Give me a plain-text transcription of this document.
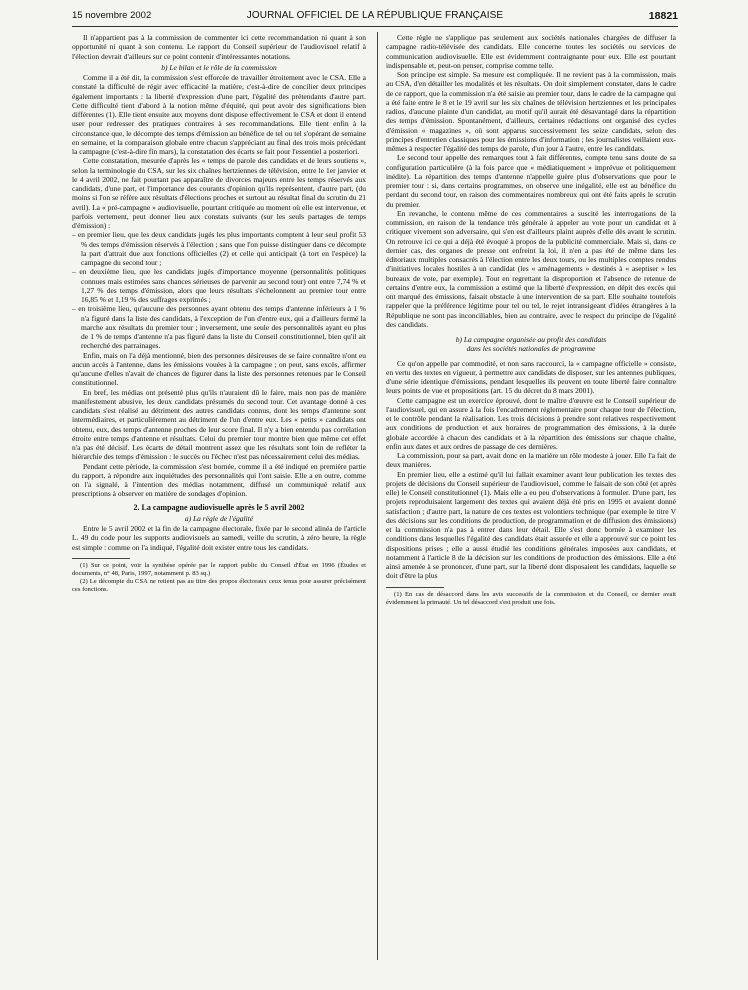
15 novembre 2002	JOURNAL OFFICIEL DE LA RÉPUBLIQUE FRANÇAISE	18821

Il n'appartient pas à la commission de commenter ici cette recommandation ni quant à son opportunité ni quant à son contenu. Le rapport du Conseil supérieur de l'audiovisuel relatif à l'élection devrait d'ailleurs sur ce point contenir d'intéressantes notations.

b) Le bilan et le rôle de la commission

Comme il a été dit, la commission s'est efforcée de travailler étroitement avec le CSA. Elle a constaté la difficulté de régir avec efficacité la matière, c'est-à-dire de concilier deux principes également importants : la liberté d'expression d'une part, l'égalité des prétendants d'autre part. Cette difficulté tient d'abord à la notion même d'équité, qui peut avoir des significations bien différentes (1). Elle tient ensuite aux moyens dont dispose effectivement le CSA et dont il entend user pour redresser des pratiques contraires à ses recommandations. Elle tient enfin à la circonstance que, le décompte des temps d'émission au bénéfice de tel ou tel s'opérant de semaine en semaine, et la comparaison globale entre chacun s'appréciant au final des trois mois précédant la campagne (c'est-à-dire fin mars), la constatation des écarts se fait pour l'essentiel a posteriori.

Cette constatation, mesurée d'après les « temps de parole des candidats et de leurs soutiens », selon la terminologie du CSA, sur les six chaînes hertziennes de télévision, entre le 1er janvier et le 4 avril 2002, ne fait pourtant pas apparaître de divorces majeurs entre les temps réservés aux candidats, d'une part, et l'importance des courants d'opinion qu'ils représentent, d'autre part, (du moins si l'on se réfère aux résultats d'élections proches et surtout au résultat final du scrutin du 21 avril). La « pré-campagne » audiovisuelle, pourtant critiquée au moment où elle est intervenue, et parfois vertement, peut donner lieu aux constats suivants (sur les seuls partages de temps d'émission) :

– en premier lieu, que les deux candidats jugés les plus importants comptent à leur seul profit 53 % des temps d'émission réservés à l'élection ; sans que l'on puisse distinguer dans ce décompte la part d'attrait due aux fonctions officielles (2) et celle qui anticipait (à tort en l'espèce) la campagne du second tour ;
– en deuxième lieu, que les candidats jugés d'importance moyenne (personnalités politiques connues mais estimées sans chances sérieuses de parvenir au second tour) ont entre 7,74 % et 1,27 % des temps d'émission, alors que leurs résultats s'échelonnent au premier tour entre 16,85 % et 1,19 % des suffrages exprimés ;
– en troisième lieu, qu'aucune des personnes ayant obtenu des temps d'antenne inférieurs à 1 % n'a figuré dans la liste des candidats, à l'exception de l'un d'entre eux, qui a d'ailleurs fermé la marche aux résultats du premier tour ; inversement, une seule des personnalités ayant eu plus de 1 % de temps d'antenne n'a pas figuré dans la liste du Conseil constitutionnel, bien qu'il ait recherché des parrainages.

Enfin, mais on l'a déjà mentionné, bien des personnes désireuses de se faire connaître n'ont eu aucun accès à l'antenne, dans les émissions vouées à la campagne ; on peut, sans excès, affirmer qu'aucune d'elles n'avait de chances de figurer dans la liste des personnes retenues par le Conseil constitutionnel.

En bref, les médias ont présenté plus qu'ils n'auraient dû le faire, mais non pas de manière manifestement abusive, les deux candidats présumés du second tour. Cet avantage donné à ces candidats s'est réalisé au détriment des autres candidats connus, dont les temps d'antenne sont intermédiaires, et particulièrement au détriment de l'un d'entre eux. Les « petits » candidats ont obtenu, eux, des temps d'antenne proches de leur score final. Il n'y a bien entendu pas corrélation étroite entre temps d'antenne et résultats. Celui du premier tour montre bien que même cet effet n'a pas été décisif. Les écarts de détail montrent assez que les résultats sont loin de refléter la hiérarchie des temps d'émission : le succès ou l'échec n'est pas nécessairement celui des médias.

Pendant cette période, la commission s'est bornée, comme il a été indiqué en première partie du rapport, à répondre aux inquiétudes des personnalités qui l'ont saisie. Elle a en outre, comme on l'a signalé, à l'intention des médias notamment, diffusé un communiqué relatif aux prescriptions à observer en matière de sondages d'opinion.

2. La campagne audiovisuelle après le 5 avril 2002

a) La règle de l'égalité

Entre le 5 avril 2002 et la fin de la campagne électorale, fixée par le second alinéa de l'article L. 49 du code pour les supports audiovisuels au samedi, veille du scrutin, à zéro heure, la règle est simple : comme on l'a indiqué, l'égalité doit exister entre tous les candidats.

(1) Sur ce point, voir la synthèse opérée par le rapport public du Conseil d'État en 1996 (Études et documents, n° 48, Paris, 1997, notamment p. 83 sq.)

(2) Le décompte du CSA ne retient pas au titre des propos électoraux ceux tenus pour assurer précisément ces fonctions.

Cette règle ne s'applique pas seulement aux sociétés nationales chargées de diffuser la campagne radio-télévisée des candidats. Elle concerne toutes les sociétés ou services de communication audiovisuelle. Elle est évidemment contraignante pour eux. Elle est pourtant indispensable et, peut-on penser, comprise comme telle.

Son principe est simple. Sa mesure est compliquée. Il ne revient pas à la commission, mais au CSA, d'en détailler les modalités et les résultats. On doit simplement constater, dans le cadre de ce rapport, que la commission n'a été saisie au premier tour, dans le cadre de la campagne qui a été faite entre le 8 et le 19 avril sur les six chaînes de télévision hertziennes et les principales radios, d'aucune plainte d'un candidat, au motif qu'il aurait été désavantagé dans la répartition des temps d'émission. Spontanément, d'ailleurs, certaines rédactions ont organisé des cycles d'émission « magazines », où sont apparus successivement les seize candidats, selon des principes d'entretien classiques pour les émissions d'information ; les journalistes veillaient eux-mêmes à respecter l'égalité des temps de parole, d'un jour à l'autre, entre les candidats.

Le second tour appelle des remarques tout à fait différentes, compte tenu sans doute de sa configuration particulière (à la fois parce que « médiatiquement » imprévue et politiquement inédite). La répartition des temps d'antenne n'appelle guère plus d'observations que pour le premier tour : si, dans certains programmes, on observe une inégalité, elle est au bénéfice du perdant du second tour, en raison des commentaires nombreux qui ont été faits après le scrutin du premier.

En revanche, le contenu même de ces commentaires a suscité les interrogations de la commission, en raison de la tendance très générale à appeler au vote pour un candidat et à critiquer vivement son adversaire, qui s'en est d'ailleurs plaint auprès d'elle dès avant le scrutin. On retrouve ici ce qui a déjà été évoqué à propos de la publicité commerciale. Mais si, dans ce dernier cas, des organes de presse ont enfreint la loi, il n'en a pas été de même dans les éditoriaux multiples consacrés à l'élection entre les deux tours, ou les multiples comptes rendus d'initiatives locales hostiles à un candidat (les « aménagements » destinés à « aseptiser » les bureaux de vote, par exemple). Tout en regrettant la disproportion et l'absence de retenue de certains d'entre eux, la commission a estimé que la liberté d'expression, en dépit des excès qui ont marqué des émissions, faisait obstacle à une intervention de sa part. Elle souhaite toutefois rappeler que la préférence légitime pour tel ou tel, le rejet intransigeant d'idées étrangères à la République ne sont pas inconciliables, bien au contraire, avec le respect du principe de l'égalité des candidats.

b) La campagne organisée au profit des candidats

dans les sociétés nationales de programme

Ce qu'on appelle par commodité, et non sans raccourci, la « campagne officielle » consiste, en vertu des textes en vigueur, à permettre aux candidats de disposer, sur les antennes publiques, d'une série identique d'émissions, pendant lesquelles ils peuvent en toute liberté faire connaître leurs points de vue et propositions (art. 15 du décret du 8 mars 2001).

Cette campagne est un exercice éprouvé, dont le maître d'œuvre est le Conseil supérieur de l'audiovisuel, qui en assure à la fois l'encadrement réglementaire pour chaque tour de l'élection, et le contrôle pendant la réalisation. Les trois décisions à prendre sont relatives respectivement aux conditions de production et aux horaires de programmation des émissions, à la durée globale accordée à chacun des candidats et à la répartition des émissions sur chaque chaîne, enfin aux dates et aux ordres de passage de ces dernières.

La commission, pour sa part, avait donc en la matière un rôle modeste à jouer. Elle l'a fait de deux manières.

En premier lieu, elle a estimé qu'il lui fallait examiner avant leur publication les textes des projets de décisions du Conseil supérieur de l'audiovisuel, comme le faisait de son côté (et après elle) le Conseil constitutionnel (1). Mais elle a eu peu d'observations à formuler. D'une part, les projets reproduisaient largement des textes qui avaient déjà été pris en 1995 et avaient donné satisfaction ; d'autre part, la nature de ces textes est volontiers technique (par exemple le titre V des décisions sur les conditions de production, de programmation et de diffusion des émissions) et la commission n'a pas à entrer dans leur détail. Elle s'est donc bornée à examiner les conditions dans lesquelles l'égalité des candidats était assurée et elle a approuvé sur ce point les dispositions prises ; elle a aussi étudié les conditions générales imposées aux candidats, et notamment à l'article 8 de la décision sur les conditions de production des émissions. Elle a été ainsi amenée à se prononcer, d'une part, sur la liberté dont disposaient les candidats, laquelle se doit d'être la plus

(1) En cas de désaccord dans les avis successifs de la commission et du Conseil, ce dernier avait évidemment la primauté. Un tel désaccord s'est produit une fois.
